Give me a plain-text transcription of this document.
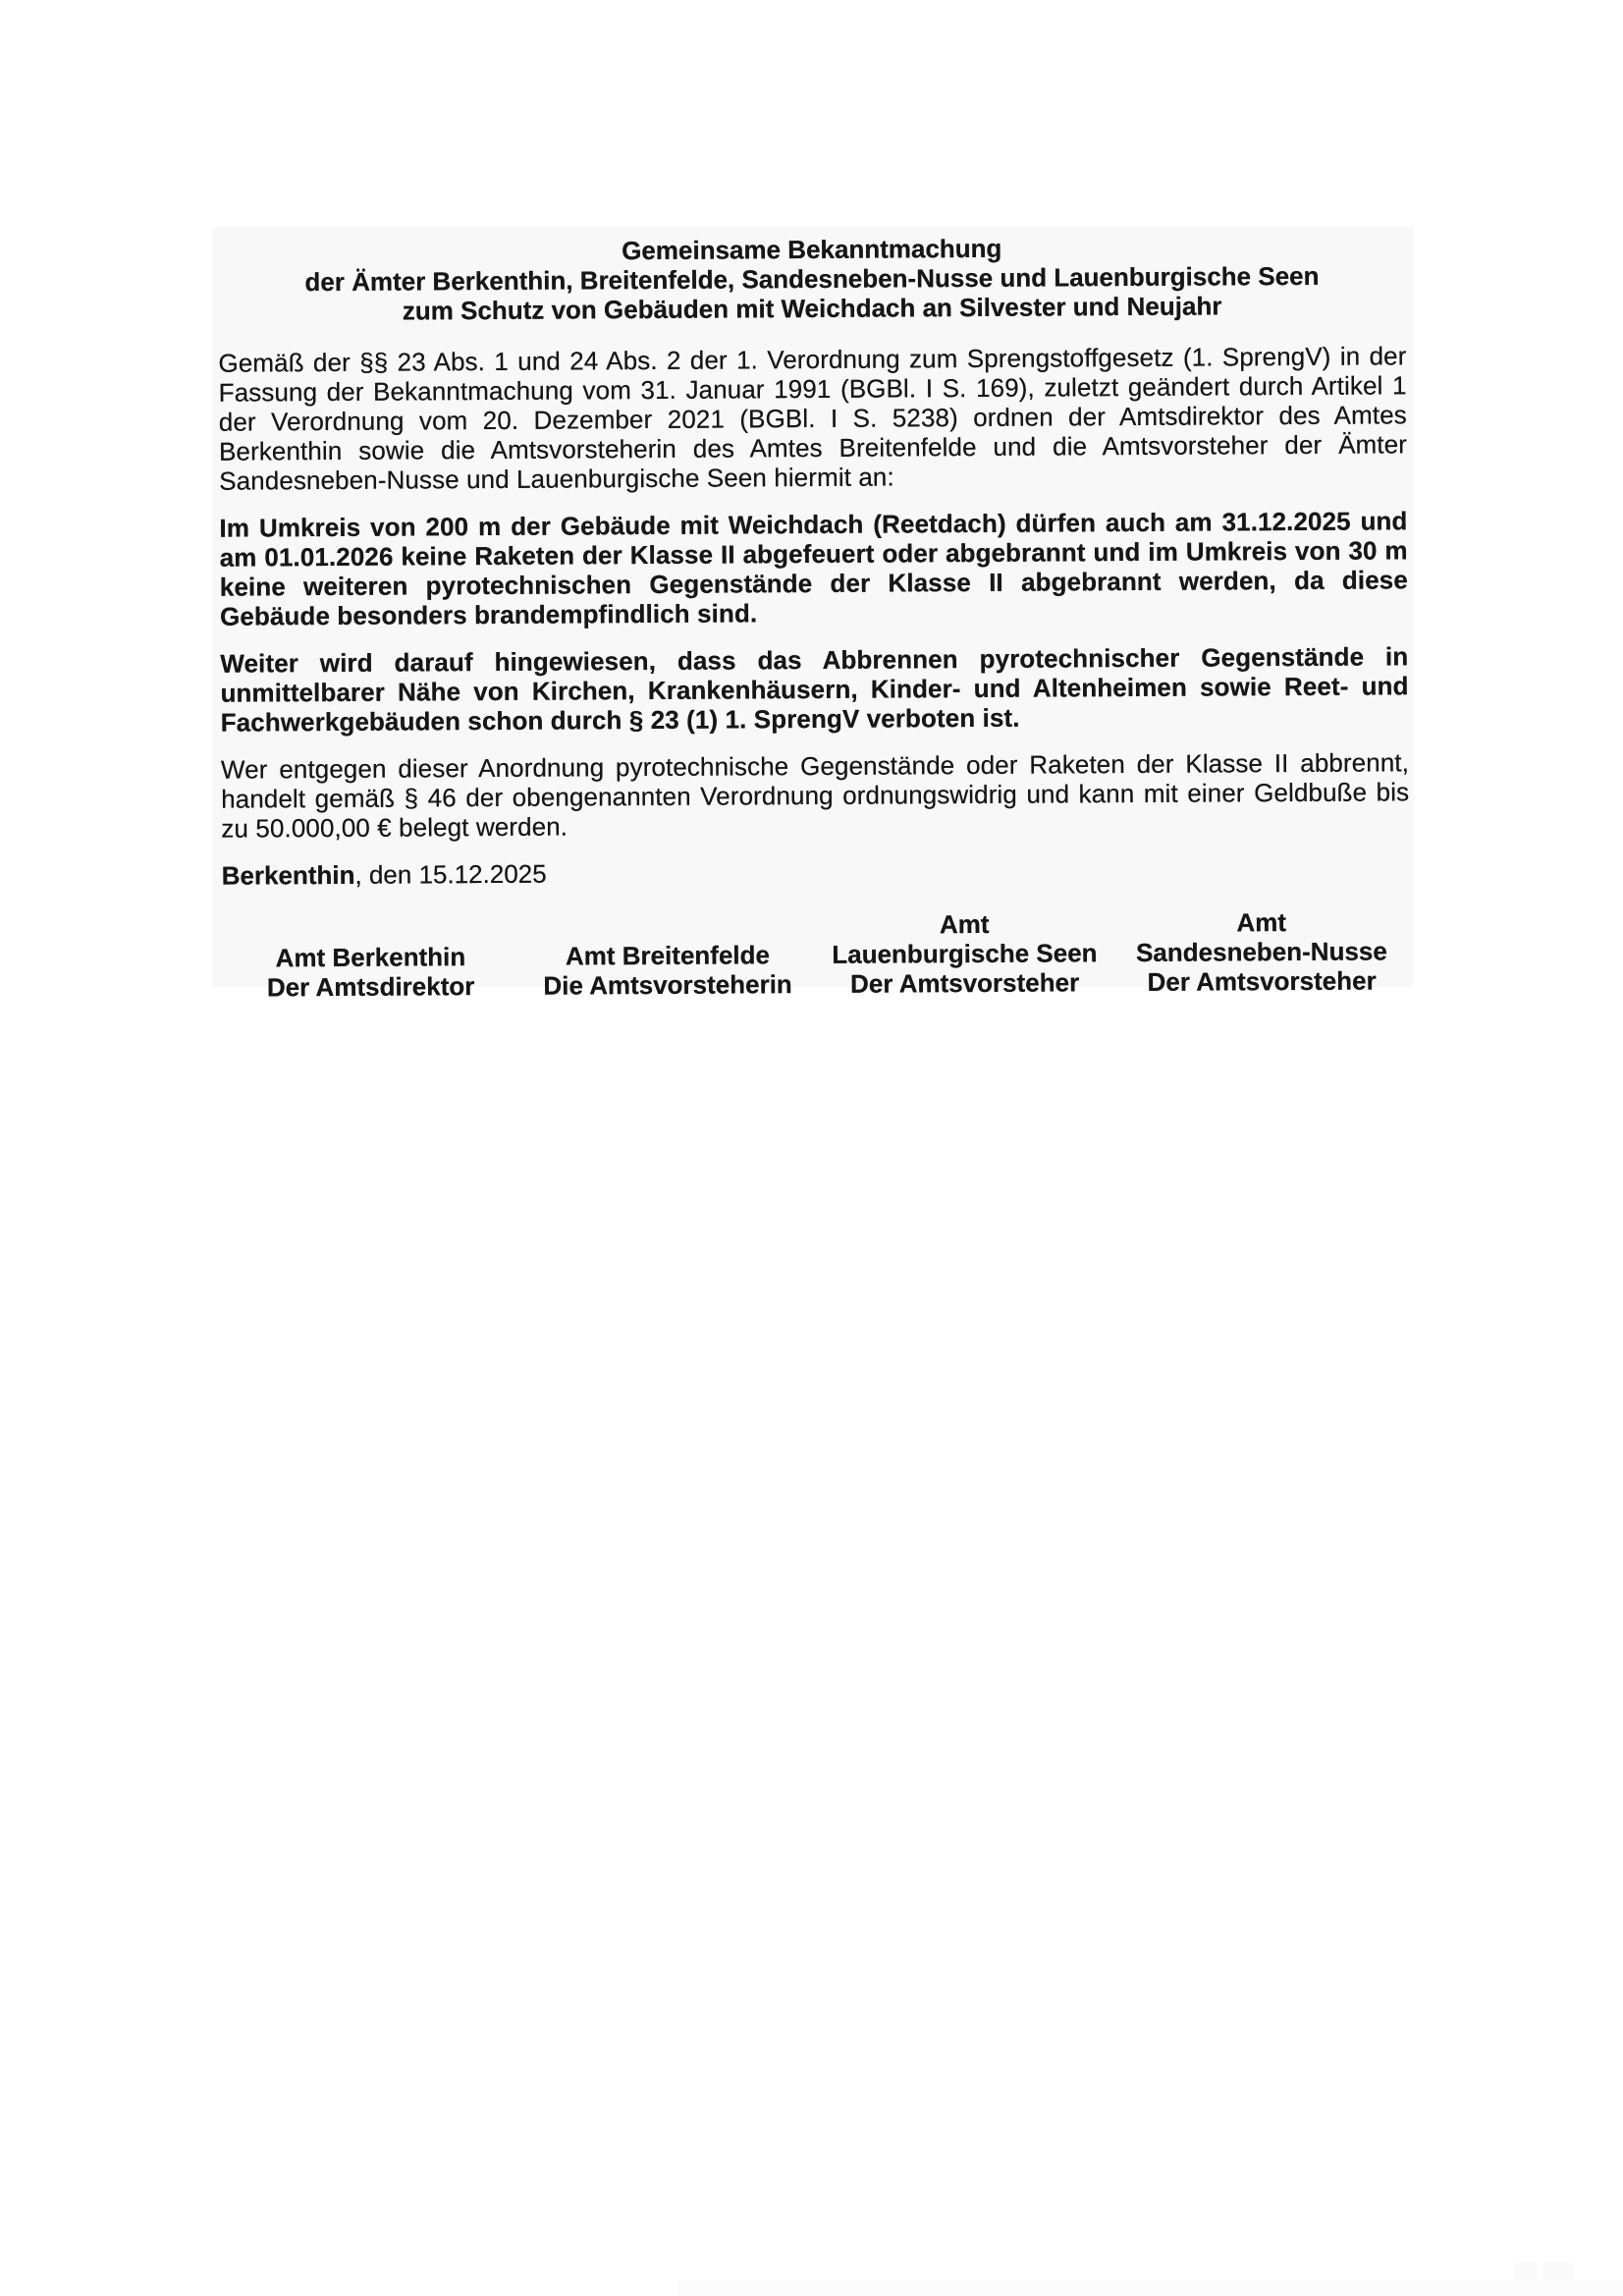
Gemeinsame Bekanntmachung
der Ämter Berkenthin, Breitenfelde, Sandesneben-Nusse und Lauenburgische Seen
zum Schutz von Gebäuden mit Weichdach an Silvester und Neujahr

Gemäß der §§ 23 Abs. 1 und 24 Abs. 2 der 1. Verordnung zum Sprengstoffgesetz (1. SprengV) in der Fassung der Bekanntmachung vom 31. Januar 1991 (BGBl. I S. 169), zuletzt geändert durch Artikel 1 der Verordnung vom 20. Dezember 2021 (BGBl. I S. 5238) ordnen der Amtsdirektor des Amtes Berkenthin sowie die Amtsvorsteherin des Amtes Breitenfelde und die Amtsvorsteher der Ämter Sandesneben-Nusse und Lauenburgische Seen hiermit an:

Im Umkreis von 200 m der Gebäude mit Weichdach (Reetdach) dürfen auch am 31.12.2025 und am 01.01.2026 keine Raketen der Klasse II abgefeuert oder abgebrannt und im Umkreis von 30 m keine weiteren pyrotechnischen Gegenstände der Klasse II abgebrannt werden, da diese Gebäude besonders brandempfindlich sind.

Weiter wird darauf hingewiesen, dass das Abbrennen pyrotechnischer Gegenstände in unmittelbarer Nähe von Kirchen, Krankenhäusern, Kinder- und Altenheimen sowie Reet- und Fachwerkgebäuden schon durch § 23 (1) 1. SprengV verboten ist.

Wer entgegen dieser Anordnung pyrotechnische Gegenstände oder Raketen der Klasse II abbrennt, handelt gemäß § 46 der obengenannten Verordnung ordnungswidrig und kann mit einer Geldbuße bis zu 50.000,00 € belegt werden.

Berkenthin, den 15.12.2025

Amt Berkenthin
Der Amtsdirektor
Amt Breitenfelde
Die Amtsvorsteherin
Amt
Lauenburgische Seen
Der Amtsvorsteher
Amt
Sandesneben-Nusse
Der Amtsvorsteher
